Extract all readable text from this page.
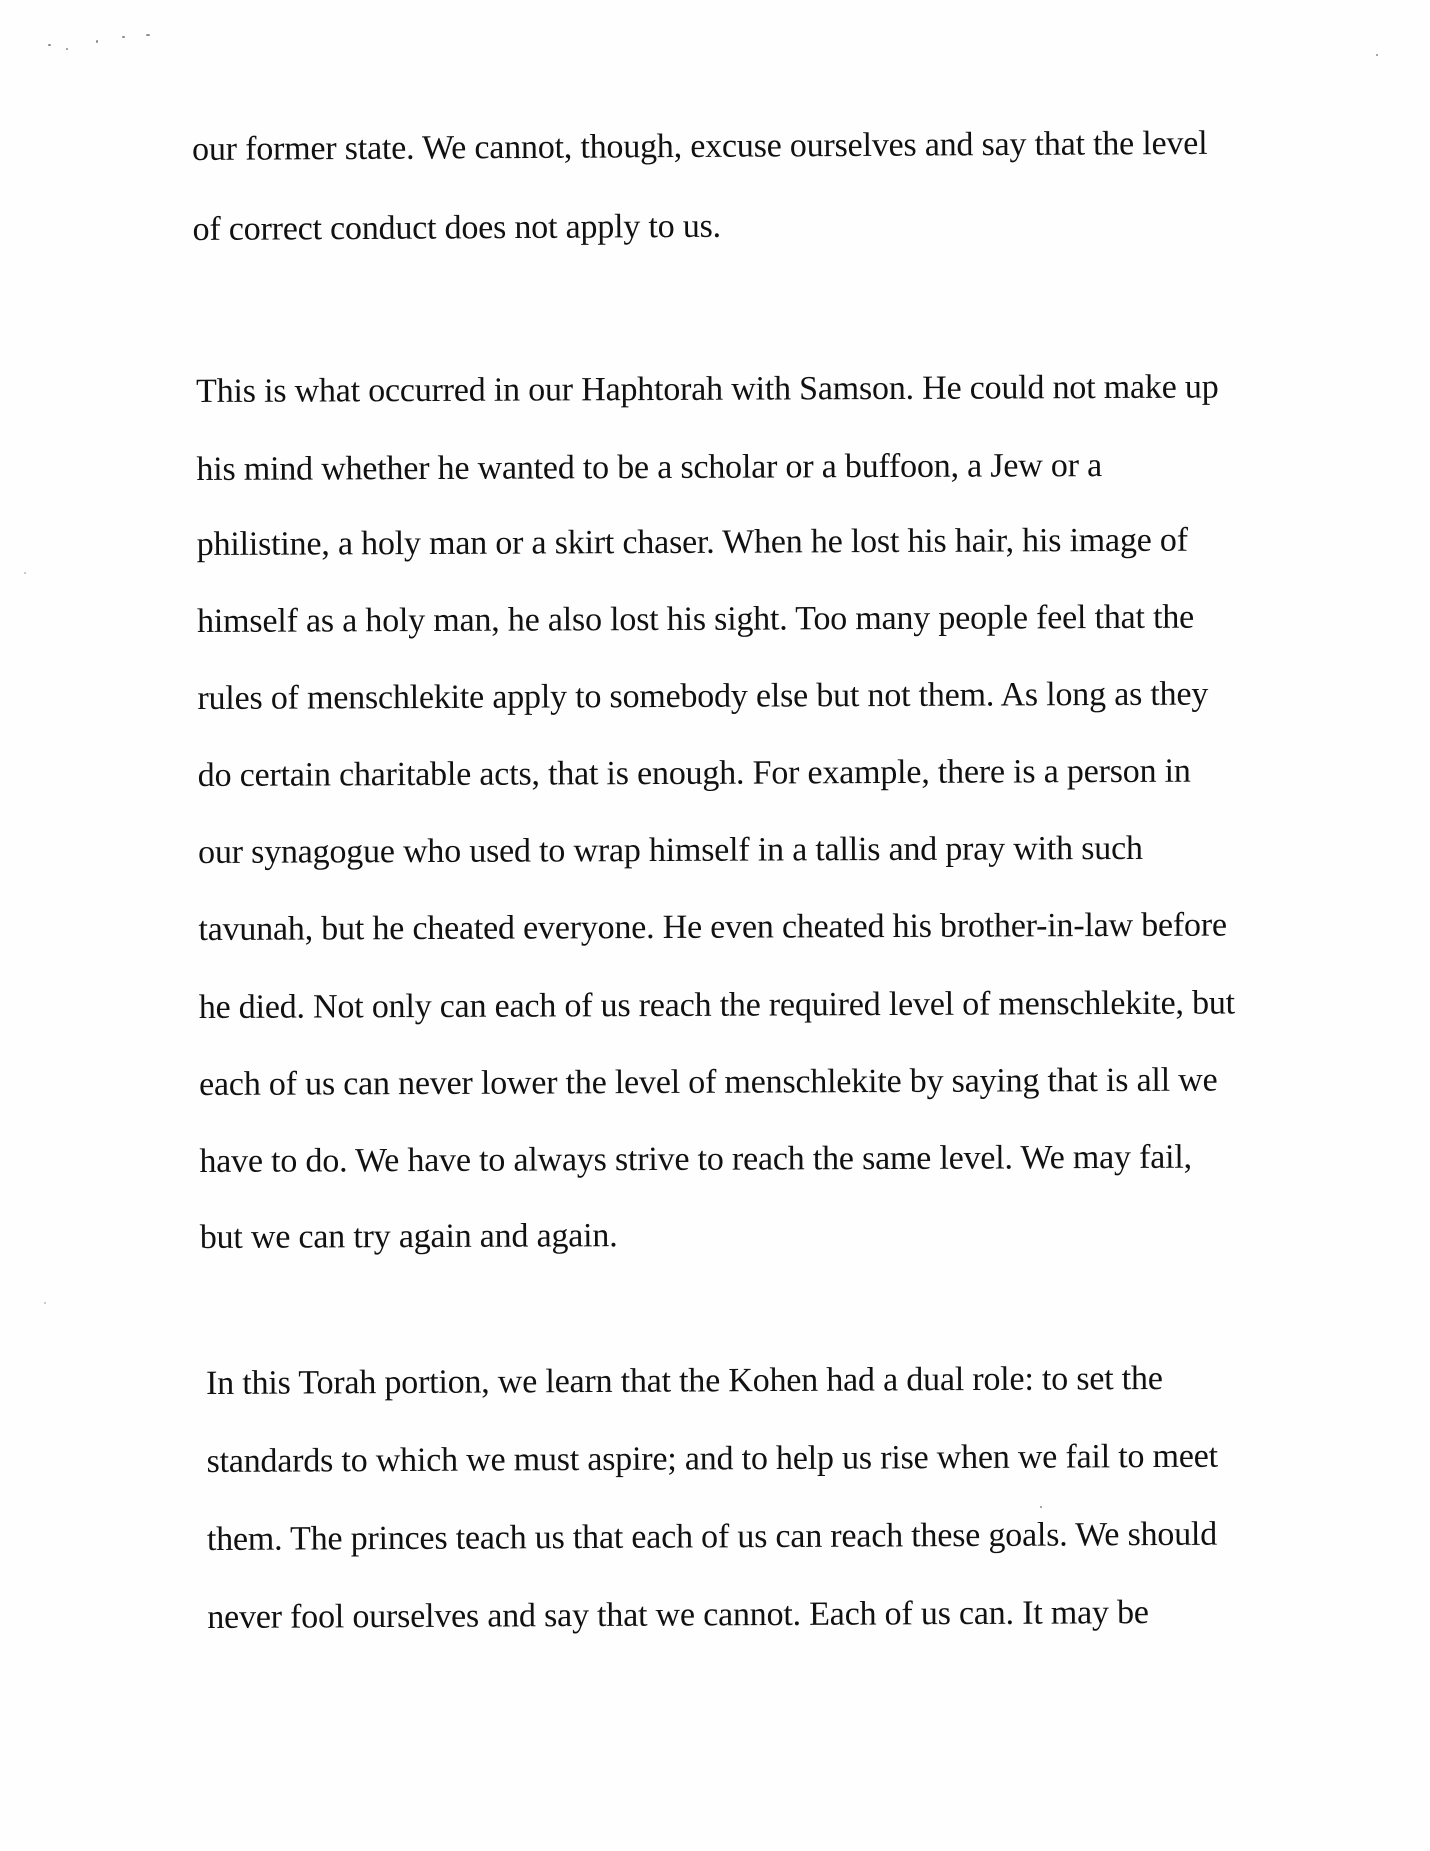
our former state. We cannot, though, excuse ourselves and say that the level
of correct conduct does not apply to us.
This is what occurred in our Haphtorah with Samson. He could not make up
his mind whether he wanted to be a scholar or a buffoon, a Jew or a
philistine, a holy man or a skirt chaser. When he lost his hair, his image of
himself as a holy man, he also lost his sight. Too many people feel that the
rules of menschlekite apply to somebody else but not them. As long as they
do certain charitable acts, that is enough. For example, there is a person in
our synagogue who used to wrap himself in a tallis and pray with such
tavunah, but he cheated everyone. He even cheated his brother-in-law before
he died. Not only can each of us reach the required level of menschlekite, but
each of us can never lower the level of menschlekite by saying that is all we
have to do. We have to always strive to reach the same level. We may fail,
but we can try again and again.
In this Torah portion, we learn that the Kohen had a dual role: to set the
standards to which we must aspire; and to help us rise when we fail to meet
them. The princes teach us that each of us can reach these goals. We should
never fool ourselves and say that we cannot. Each of us can. It may be
